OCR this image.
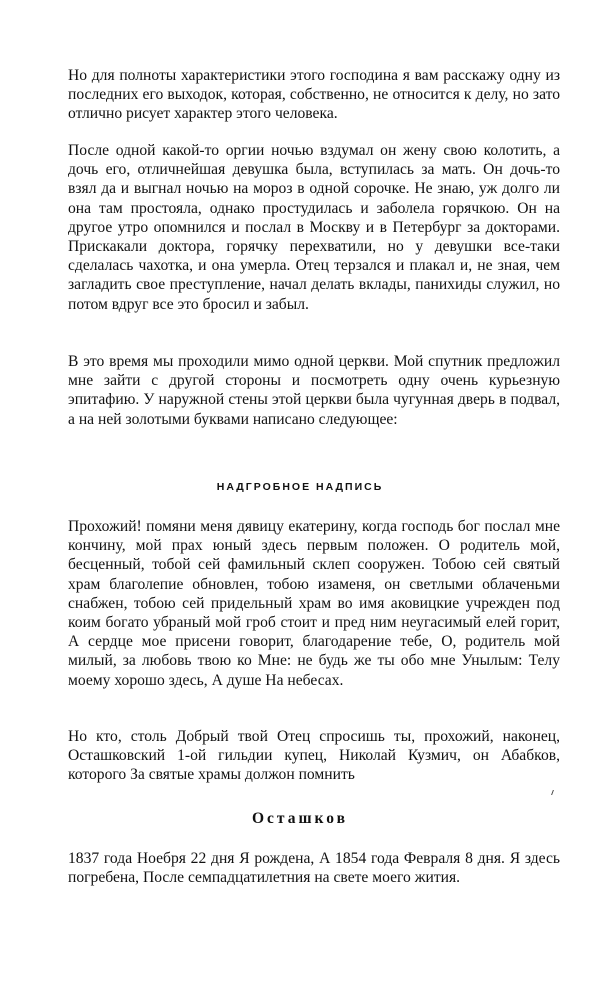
Но для полноты характеристики этого господина я вам расскажу одну из последних его выходок, которая, собственно, не относится к делу, но зато отлично рисует характер этого человека.

После одной какой-то оргии ночью вздумал он жену свою колотить, а дочь его, отличнейшая девушка была, вступилась за мать. Он дочь-то взял да и выгнал ночью на мороз в одной сорочке. Не знаю, уж долго ли она там простояла, однако простудилась и заболела горячкою. Он на другое утро опомнился и послал в Москву и в Петербург за докторами. Прискакали доктора, горячку перехватили, но у девушки все-таки сделалась чахотка, и она умерла. Отец терзался и плакал и, не зная, чем загладить свое преступление, начал делать вклады, панихиды служил, но потом вдруг все это бросил и забыл.

В это время мы проходили мимо одной церкви. Мой спутник предложил мне зайти с другой стороны и посмотреть одну очень курьезную эпитафию. У наружной стены этой церкви была чугунная дверь в подвал, а на ней золотыми буквами написано следующее:

НАДГРОБНОЕ НАДПИСЬ

Прохожий! помяни меня дявицу екатерину, когда господь бог послал мне кончину, мой прах юный здесь первым положен. О родитель мой, бесценный, тобой сей фамильный склеп сооружен. Тобою сей святый храм благолепие обновлен, тобою изаменя, он светлыми облаченьми снабжен, тобою сей придельный храм во имя аковицкие учрежден под коим богато убраный мой гроб стоит и пред ним неугасимый елей горит, А сердце мое присени говорит, благодарение тебе, О, родитель мой милый, за любовь твою ко Мне: не будь же ты обо мне Унылым: Телу моему хорошо здесь, А душе На небесах.

Но кто, столь Добрый твой Отец спросишь ты, прохожий, наконец, Осташковский 1-ой гильдии купец, Николай Кузмич, он Абабков, которого За святые храмы должон помнить

Осташков

1837 года Ноебря 22 дня Я рождена, А 1854 года Февраля 8 дня. Я здесь погребена, После семпадцатилетния на свете моего жития.
